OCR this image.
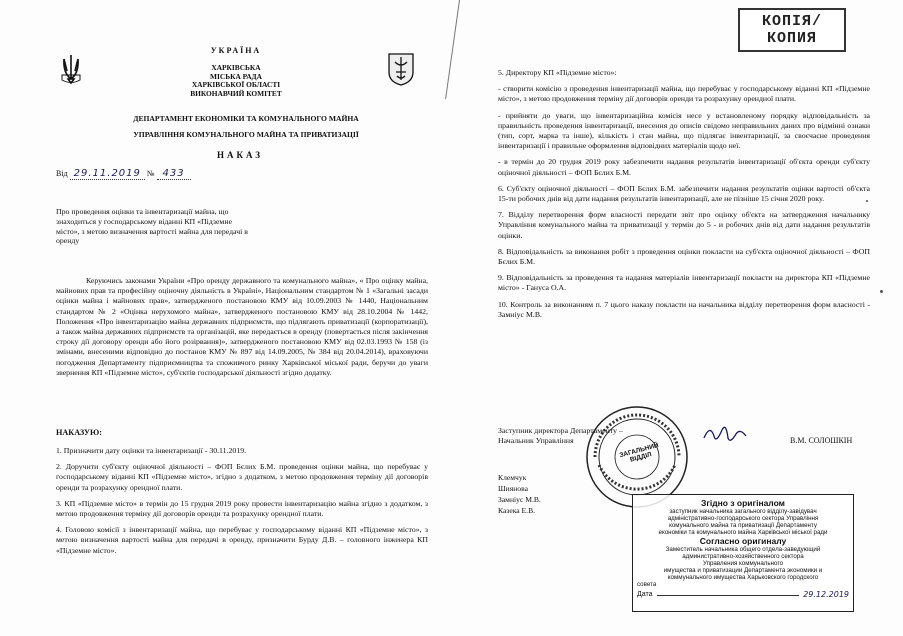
УКРАЇНА
ХАРКІВСЬКА
МІСЬКА РАДА
ХАРКІВСЬКОЇ ОБЛАСТІ
ВИКОНАВЧИЙ КОМІТЕТ
ДЕПАРТАМЕНТ ЕКОНОМІКИ ТА КОМУНАЛЬНОГО МАЙНА
УПРАВЛІННЯ КОМУНАЛЬНОГО МАЙНА ТА ПРИВАТИЗАЦІЇ
НАКАЗ
Від 29.11.2019 № 433
Про проведення оцінки та інвентаризації майна, що знаходиться у господарському віданні КП «Підземне місто», з метою визначення вартості майна для передачі в оренду
Керуючись законами України «Про оренду державного та комунального майна», « Про оцінку майна, майнових прав та професійну оціночну діяльність в Україні», Національним стандартом № 1 «Загальні засади оцінки майна і майнових прав», затвердженого постановою КМУ від 10.09.2003 № 1440, Національним стандартом № 2 «Оцінка нерухомого майна», затвердженого постановою КМУ від 28.10.2004 № 1442, Положення «Про інвентаризацію майна державних підприємств, що підлягають приватизації (корпоратизації), а також майна державних підприємств та організацій, яке передається в оренду (повертається після закінчення строку дії договору оренди або його розірвання)», затвердженого постановою КМУ від 02.03.1993 № 158 (із змінами, внесеними відповідно до постанов КМУ № 897 від 14.09.2005, № 384 від 20.04.2014), враховуючи погодження Департаменту підприємництва та споживчого ринку Харківської міської ради, беручи до уваги звернення КП «Підземне місто», суб'єктів господарської діяльності згідно додатку.
НАКАЗУЮ:

1. Призначити дату оцінки та інвентаризації - 30.11.2019.

2. Доручити суб'єкту оціночної діяльності – ФОП Бєлих Б.М. проведення оцінки майна, що перебуває у господарському віданні КП «Підземне місто», згідно з додатком, з метою продовження терміну дії договорів оренди та розрахунку орендної плати.

3. КП «Підземне місто» в термін до 15 грудня 2019 року провести інвентаризацію майна згідно з додатком, з метою продовження терміну дії договорів оренди та розрахунку орендної плати.

4. Головою комісії з інвентаризації майна, що перебуває у господарському віданні КП «Підземне місто», з метою визначення вартості майна для передачі в оренду, призначити Бурду Д.В. – головного інженера КП «Підземне місто».

КОПІЯ/
КОПИЯ

5. Директору КП «Підземне місто»:

- створити комісію з проведення інвентаризації майна, що перебуває у господарському віданні КП «Підземне місто», з метою продовження терміну дії договорів оренди та розрахунку орендної плати.

- прийняти до уваги, що інвентаризаційна комісія несе у встановленому порядку відповідальність за правильність проведення інвентаризації, внесення до описів свідомо неправильних даних про відмінні ознаки (тип, сорт, марка та інше), кількість і стан майна, що підлягає інвентаризації, за своєчасне проведення інвентаризації і правильне оформлення відповідних матеріалів щодо неї.

- в термін до 20 грудня 2019 року забезпечити надання результатів інвентаризації об'єкта оренди суб'єкту оціночної діяльності – ФОП Бєлих Б.М.

6. Суб'єкту оціночної діяльності – ФОП Бєлих Б.М. забезпечити надання результатів оцінки вартості об'єкта 15-ти робочих днів від дати надання результатів інвентаризації, але не пізніше 15 січня 2020 року.

7. Відділу перетворення форм власності передати звіт про оцінку об'єкта на затвердження начальнику Управління комунального майна та приватизації у термін до 5 - и робочих днів від дати надання результатів оцінки.

8. Відповідальність за виконання робіт з проведення оцінки покласти на суб'єкта оціночної діяльності – ФОП Бєлих Б.М.

9. Відповідальність за проведення та надання матеріалів інвентаризації покласти на директора КП «Підземне місто» - Гануса О.А.

10. Контроль за виконанням п. 7 цього наказу покласти на начальника відділу перетворення форм власності - Замніус М.В.

ЗАГАЛЬНИЙ ВІДДІЛ
Заступник директора Департаменту –
Начальник Управління	В.М. СОЛОШКІН
Клемчук
Шиянова
Замніус М.В.
Казека Е.В.
Згідно з оригіналом
заступник начальника загального відділу-завідувач
адміністративно-господарського сектора Управління
комунального майна та приватизації Департаменту
економіки та комунального майна Харківської міської ради
Согласно оригиналу
Заместитель начальника общего отдела-заведующий
административно-хозяйственного сектора
Управления коммунального
имущества и приватизации Департамента экономики и
коммунального имущества Харьковского городского
совета
Дата	29.12.2019
